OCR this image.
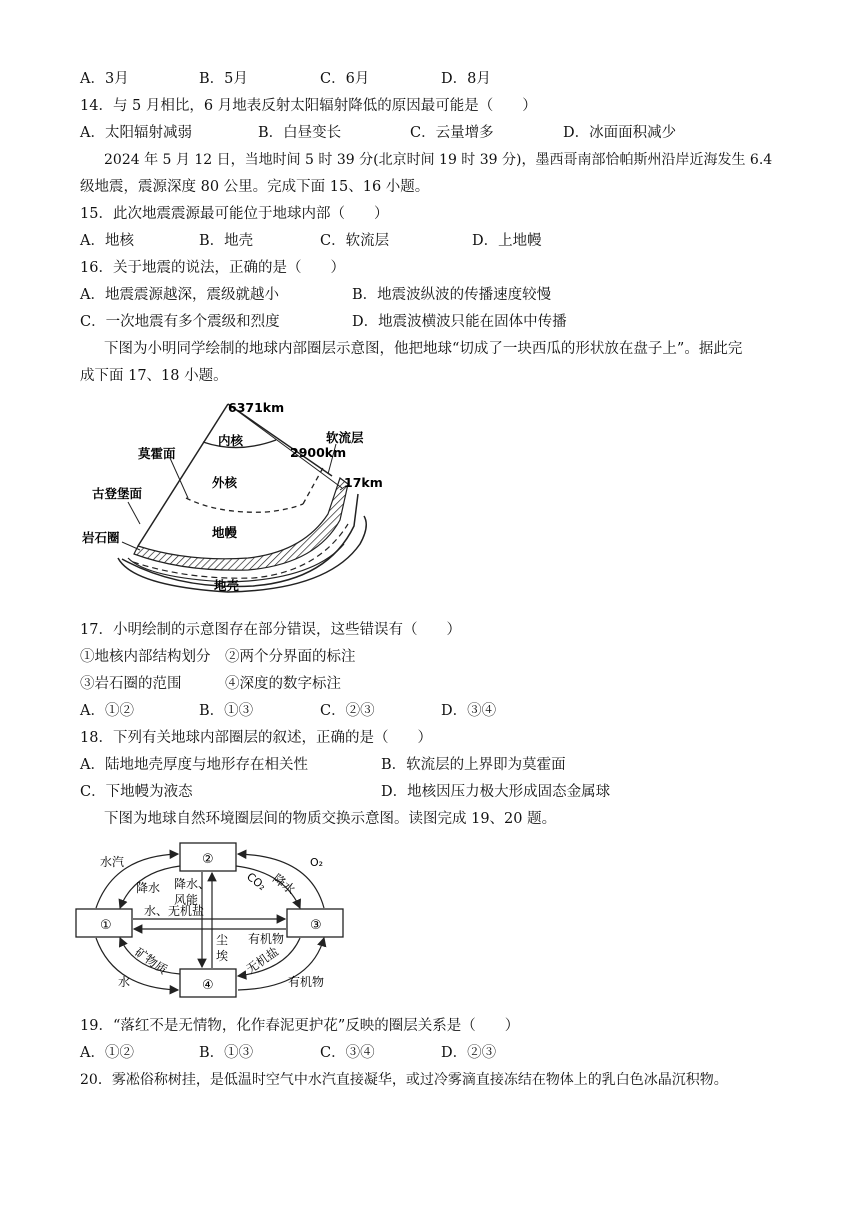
A．3月	B．5月	C．6月	D．8月
14．与 5 月相比，6 月地表反射太阳辐射降低的原因最可能是（　　）
A．太阳辐射减弱	B．白昼变长	C．云量增多	D．冰面面积减少
2024 年 5 月 12 日，当地时间 5 时 39 分(北京时间 19 时 39 分)，墨西哥南部恰帕斯州沿岸近海发生 6.4
级地震，震源深度 80 公里。完成下面 15、16 小题。
15．此次地震震源最可能位于地球内部（　　）
A．地核	B．地壳	C．软流层	D．上地幔
16．关于地震的说法，正确的是（　　）
A．地震震源越深，震级就越小	B．地震波纵波的传播速度较慢
C．一次地震有多个震级和烈度	D．地震波横波只能在固体中传播
下图为小明同学绘制的地球内部圈层示意图，他把地球“切成了一块西瓜的形状放在盘子上”。据此完
成下面 17、18 小题。
6371km
内核
莫霍面
软流层
2900km
外核	17km
古登堡面
地幔
岩石圈
地壳
17．小明绘制的示意图存在部分错误，这些错误有（　　）
①地核内部结构划分　②两个分界面的标注
③岩石圈的范围　　　④深度的数字标注
A．①②	B．①③	C．②③	D．③④
18．下列有关地球内部圈层的叙述，正确的是（　　）
A．陆地地壳厚度与地形存在相关性	B．软流层的上界即为莫霍面
C．下地幔为液态	D．地核因压力极大形成固态金属球
下图为地球自然环境圈层间的物质交换示意图。读图完成 19、20 题。
①
②
③
④
水汽
降水 降水、
风能
O₂
CO₂ 降水
水、无机盐
有机物
尘
埃
矿物质
水
无机盐
有机物
19．“落红不是无情物，化作春泥更护花”反映的圈层关系是（　　）
A．①②	B．①③	C．③④	D．②③
20．雾凇俗称树挂，是低温时空气中水汽直接凝华，或过冷雾滴直接冻结在物体上的乳白色冰晶沉积物。
